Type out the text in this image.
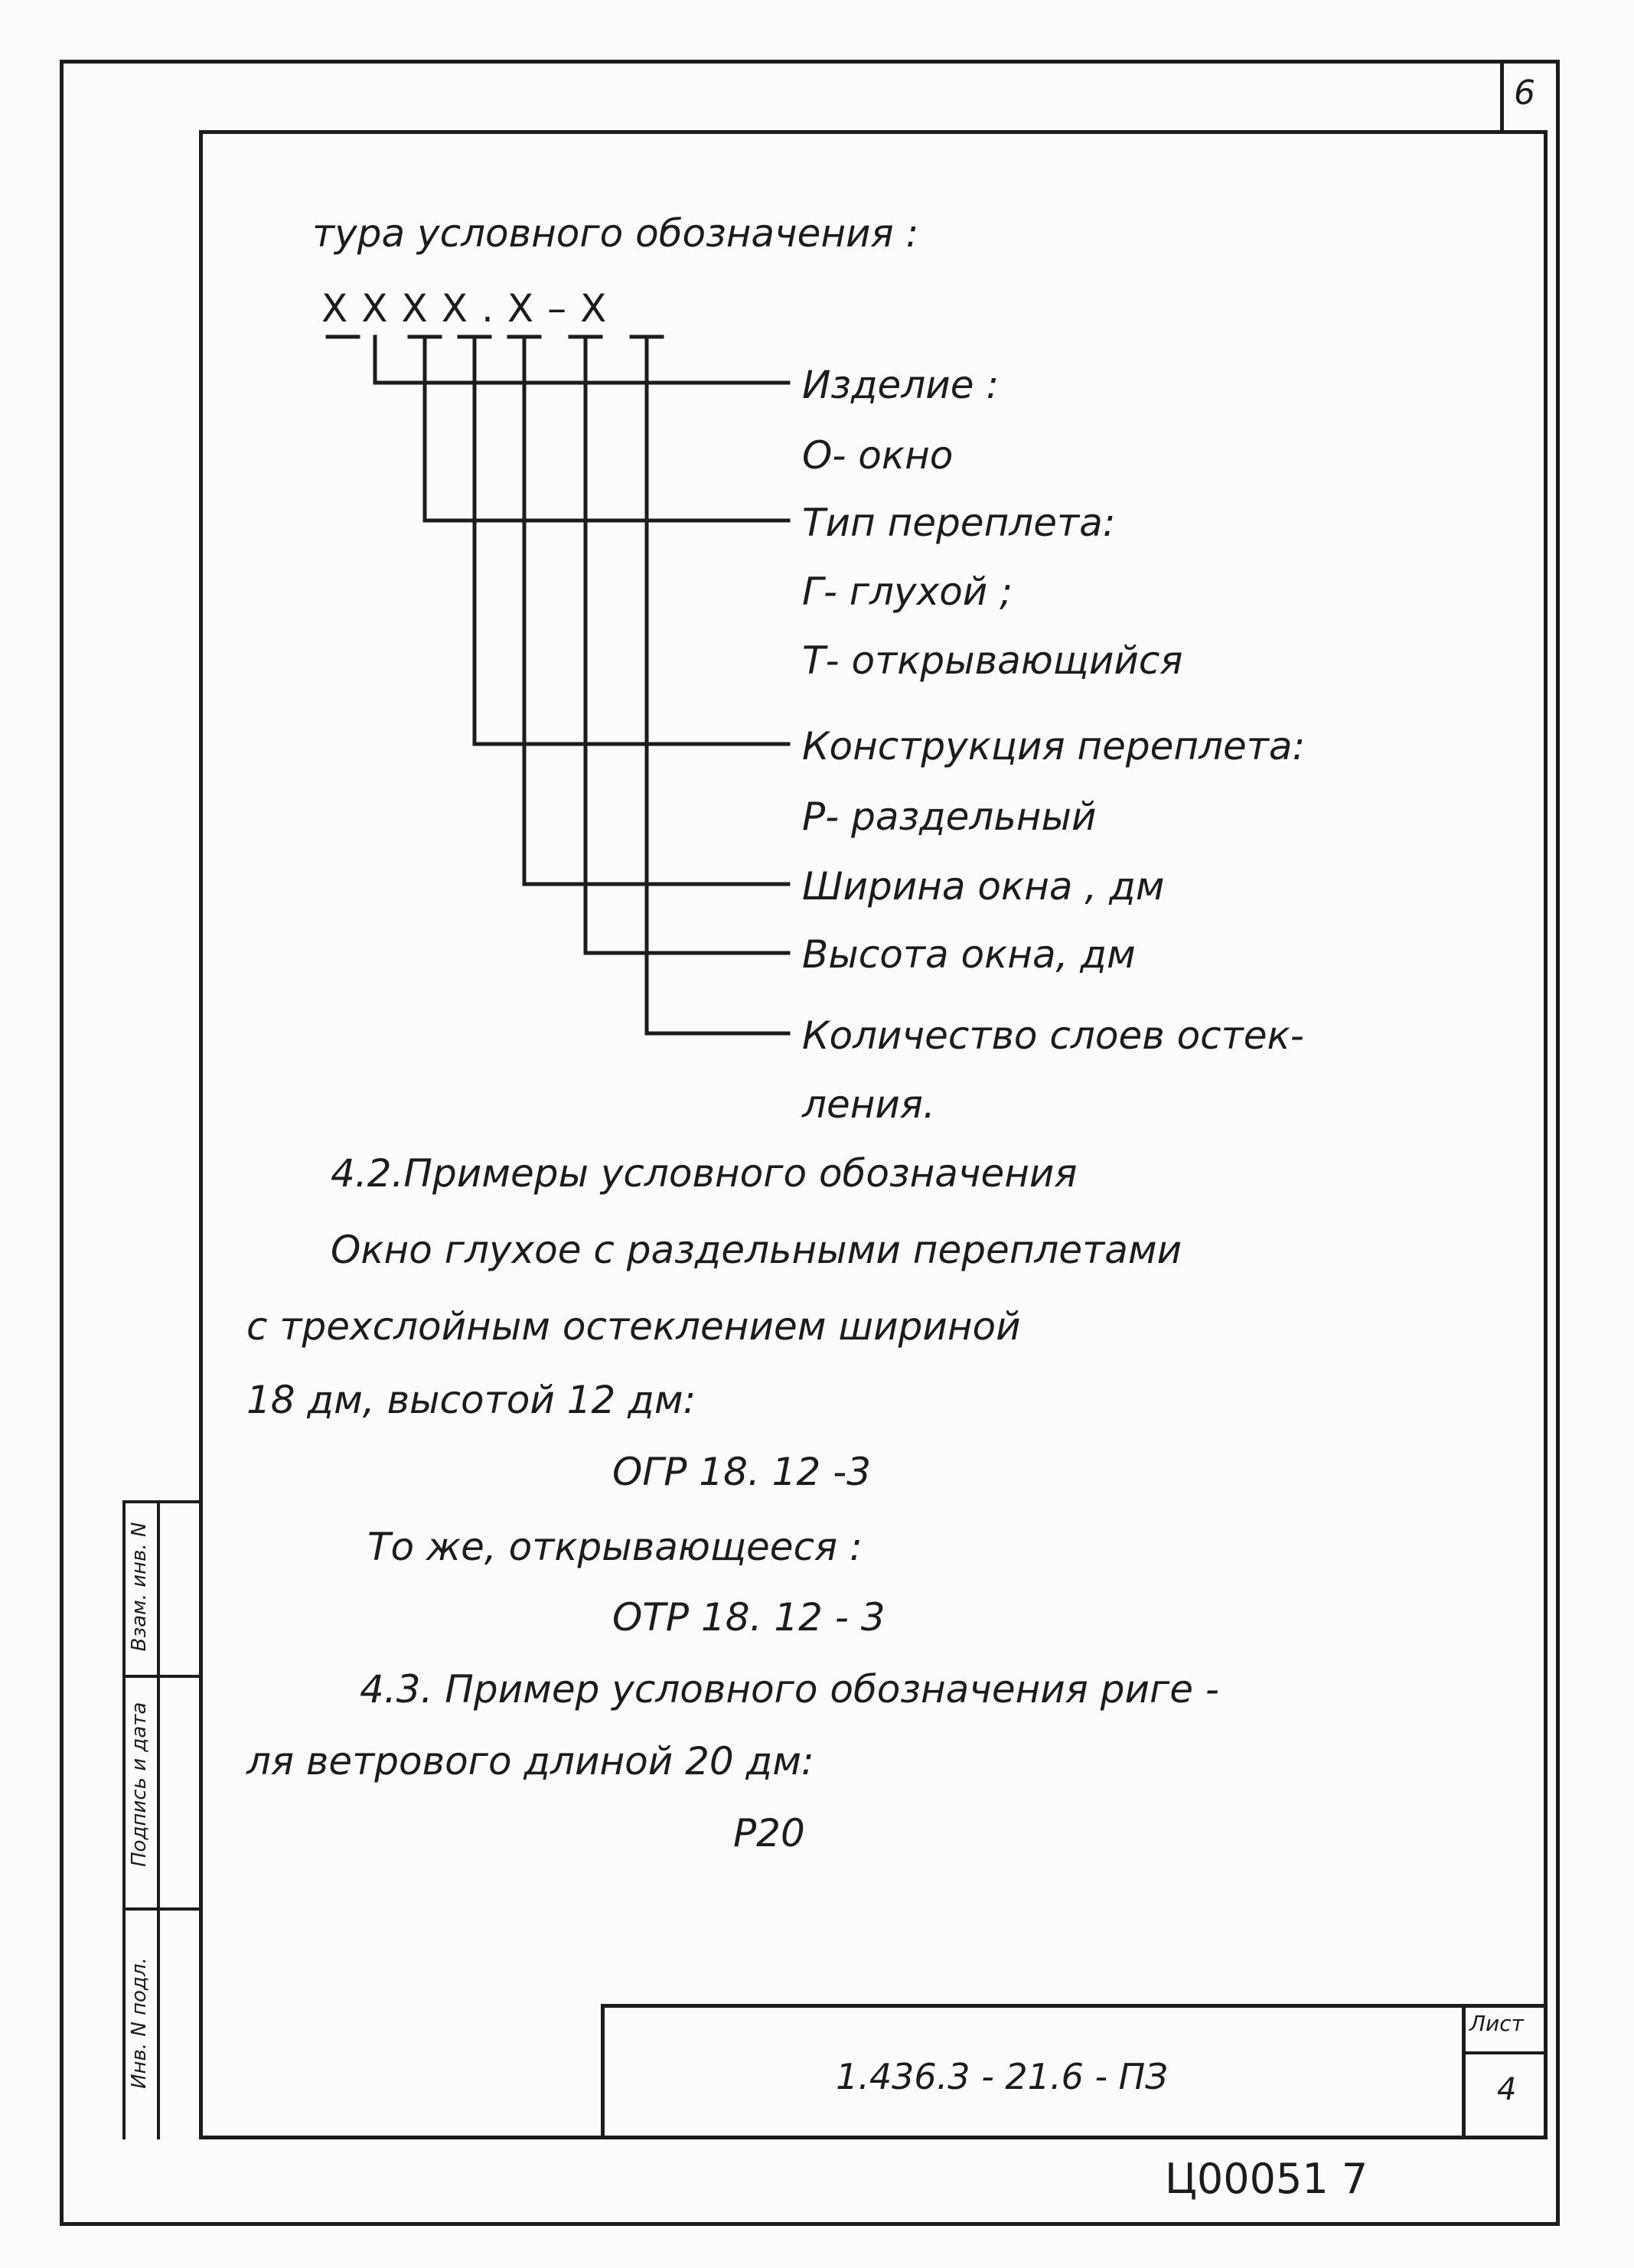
6
тура условного обозначения :
XXXX.X–X
Изделие :
О- окно
Тип переплета:
Г- глухой ;
Т- открывающийся
Конструкция переплета:
Р- раздельный
Ширина окна , дм
Высота окна, дм
Количество слоев остек-
ления.
4.2.Примеры условного обозначения
Окно глухое с раздельными переплетами
с трехслойным остеклением шириной
18 дм, высотой 12 дм:
ОГР 18. 12 -3
То же, открывающееся :
ОТР 18. 12 - 3
4.3. Пример условного обозначения ригe -
ля ветрового длиной 20 дм:
Р20
1.436.3 - 21.6 - ПЗ
Лист
4
Взам. инв. N
Подпись и дата
Инв. N подл.
Ц00051 7
